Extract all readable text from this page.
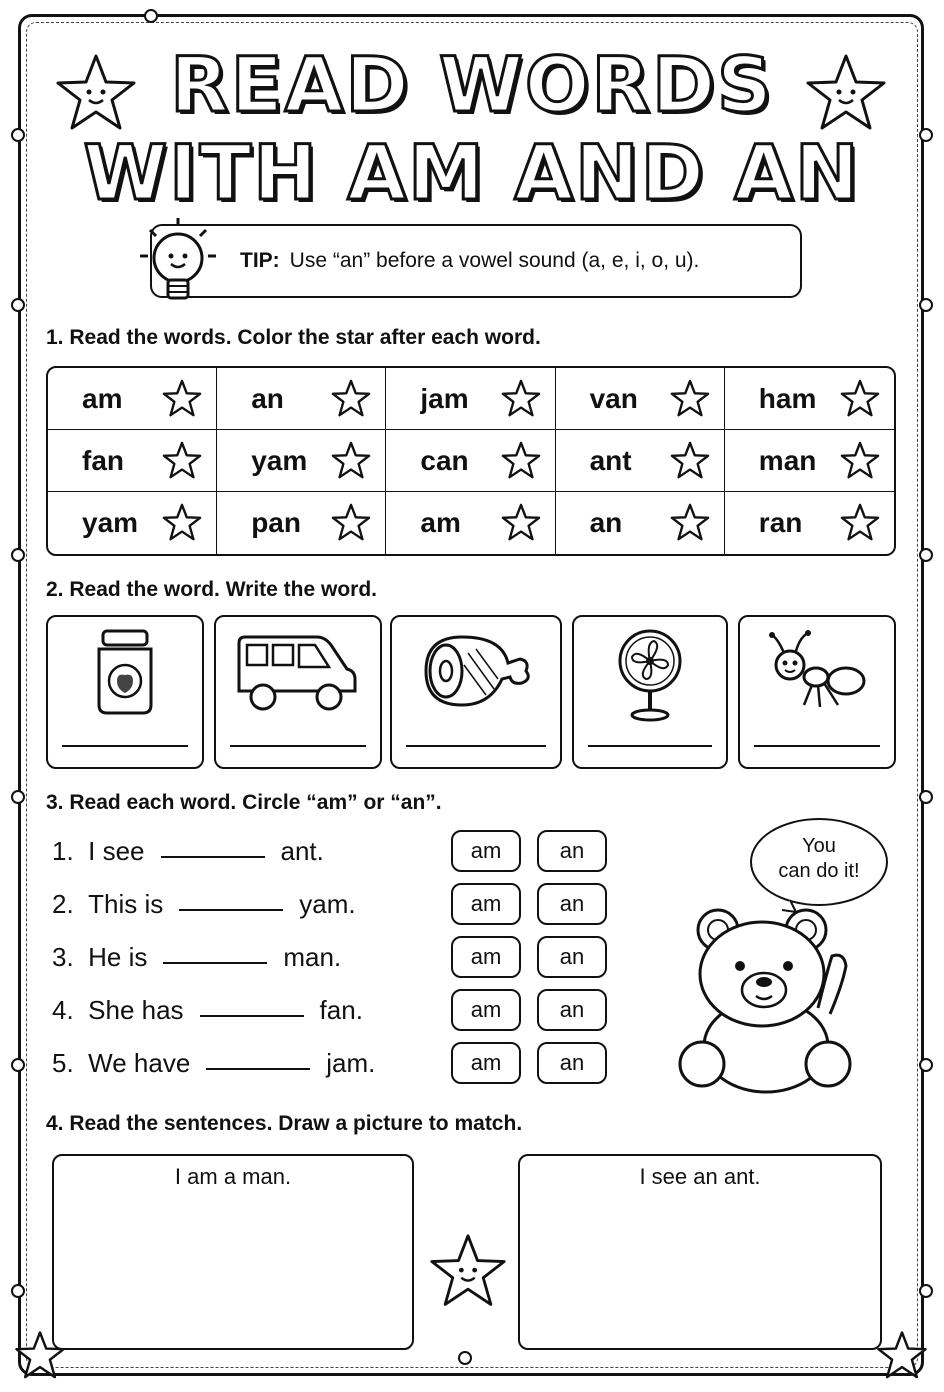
READ WORDS
WITH AM AND AN
TIP: Use “an” before a vowel sound (a, e, i, o, u).
1. Read the words. Color the star after each word.
am	an	jam	van	ham
fan	yam	can	ant	man
yam	pan	am	an	ran
2. Read the word. Write the word.
3. Read each word. Circle “am” or “an”.
1.
I see	ant.
2.
This is	yam.
3.
He is	man.
4.
She has	fan.
5.
We have	jam.
am	an
am	an
am	an
am	an
am	an
You
can do it!
4. Read the sentences. Draw a picture to match.
I am a man.	I see an ant.
